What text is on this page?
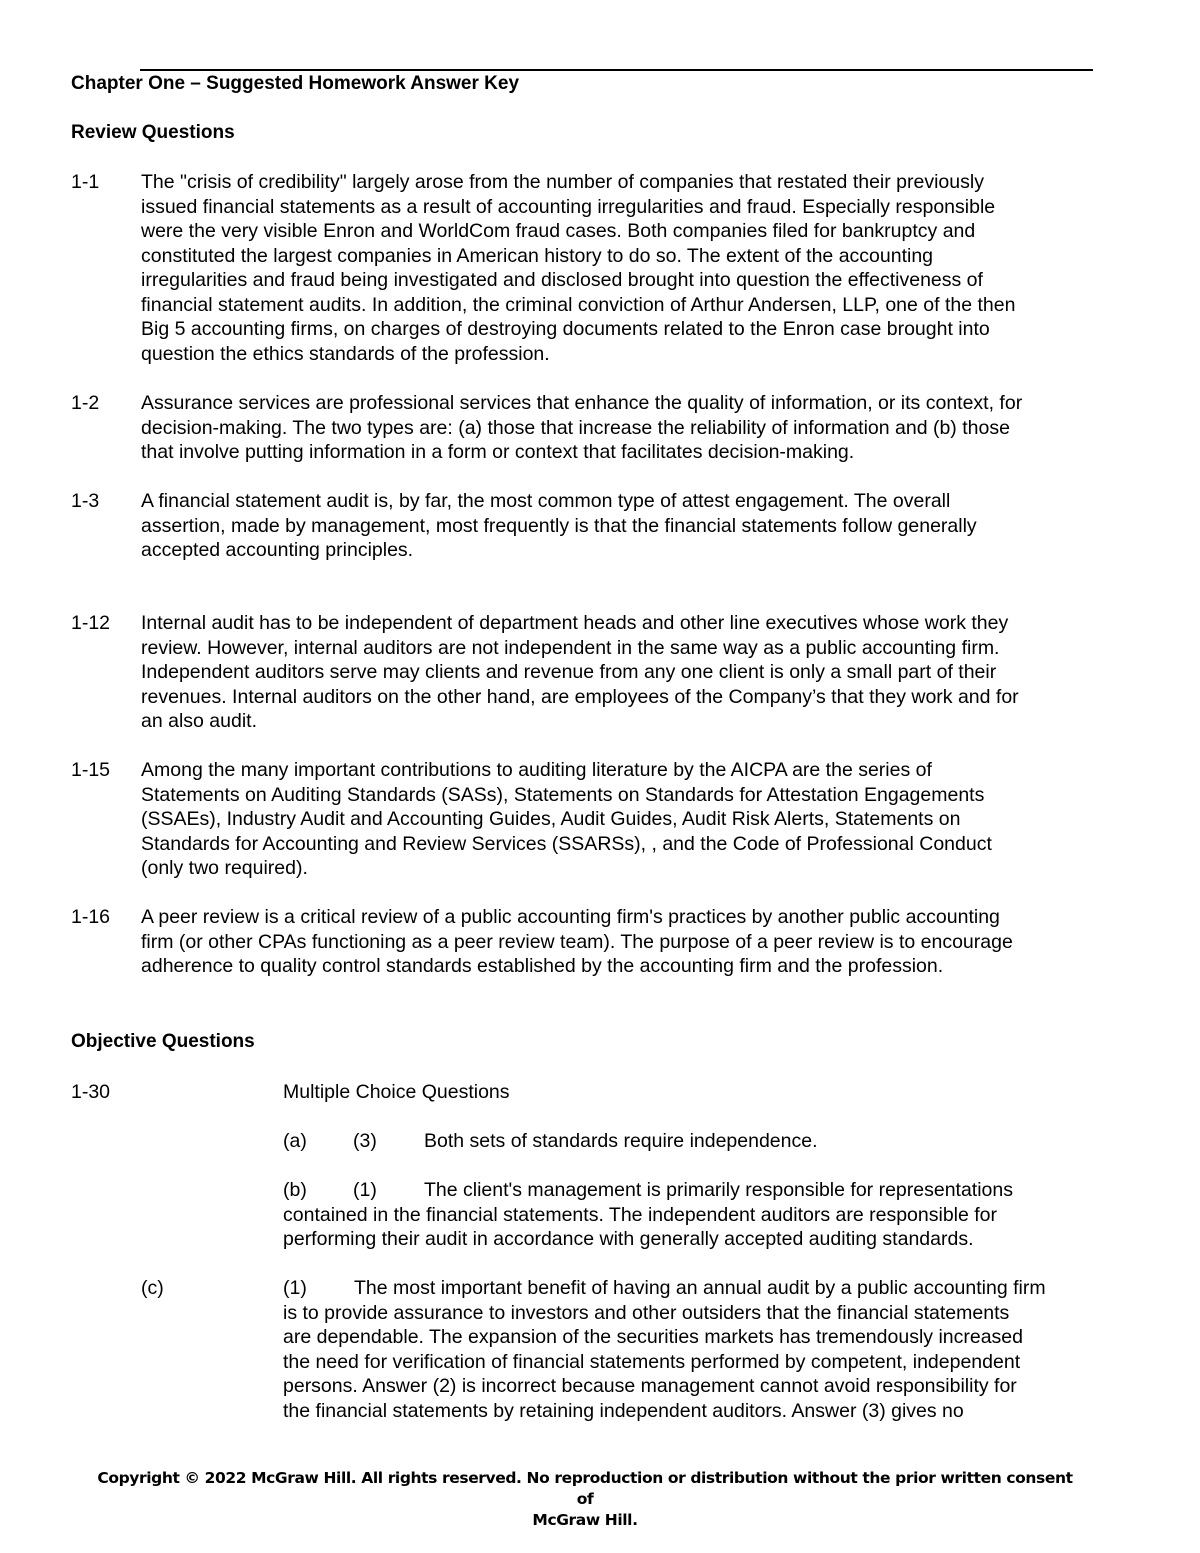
Chapter One – Suggested Homework Answer Key
Review Questions
1-1 The "crisis of credibility" largely arose from the number of companies that restated their previously

issued financial statements as a result of accounting irregularities and fraud. Especially responsible

were the very visible Enron and WorldCom fraud cases. Both companies filed for bankruptcy and

constituted the largest companies in American history to do so. The extent of the accounting

irregularities and fraud being investigated and disclosed brought into question the effectiveness of

financial statement audits. In addition, the criminal conviction of Arthur Andersen, LLP, one of the then

Big 5 accounting firms, on charges of destroying documents related to the Enron case brought into

question the ethics standards of the profession.

1-2 Assurance services are professional services that enhance the quality of information, or its context, for

decision-making. The two types are: (a) those that increase the reliability of information and (b) those

that involve putting information in a form or context that facilitates decision-making.

1-3 A financial statement audit is, by far, the most common type of attest engagement. The overall

assertion, made by management, most frequently is that the financial statements follow generally

accepted accounting principles.

1-12 Internal audit has to be independent of department heads and other line executives whose work they

review. However, internal auditors are not independent in the same way as a public accounting firm.

Independent auditors serve may clients and revenue from any one client is only a small part of their

revenues. Internal auditors on the other hand, are employees of the Company’s that they work and for

an also audit.

1-15 Among the many important contributions to auditing literature by the AICPA are the series of

Statements on Auditing Standards (SASs), Statements on Standards for Attestation Engagements

(SSAEs), Industry Audit and Accounting Guides, Audit Guides, Audit Risk Alerts, Statements on

Standards for Accounting and Review Services (SSARSs), , and the Code of Professional Conduct

(only two required).

1-16 A peer review is a critical review of a public accounting firm's practices by another public accounting

firm (or other CPAs functioning as a peer review team). The purpose of a peer review is to encourage

adherence to quality control standards established by the accounting firm and the profession.

Objective Questions
1-30	Multiple Choice Questions
(a) (3) Both sets of standards require independence.
(b) (1) The client's management is primarily responsible for representations
contained in the financial statements. The independent auditors are responsible for
performing their audit in accordance with generally accepted auditing standards.
(c)	(1) The most important benefit of having an annual audit by a public accounting firm
is to provide assurance to investors and other outsiders that the financial statements
are dependable. The expansion of the securities markets has tremendously increased
the need for verification of financial statements performed by competent, independent
persons. Answer (2) is incorrect because management cannot avoid responsibility for
the financial statements by retaining independent auditors. Answer (3) gives no
Copyright © 2022 McGraw Hill. All rights reserved. No reproduction or distribution without the prior written consent of
McGraw Hill.
